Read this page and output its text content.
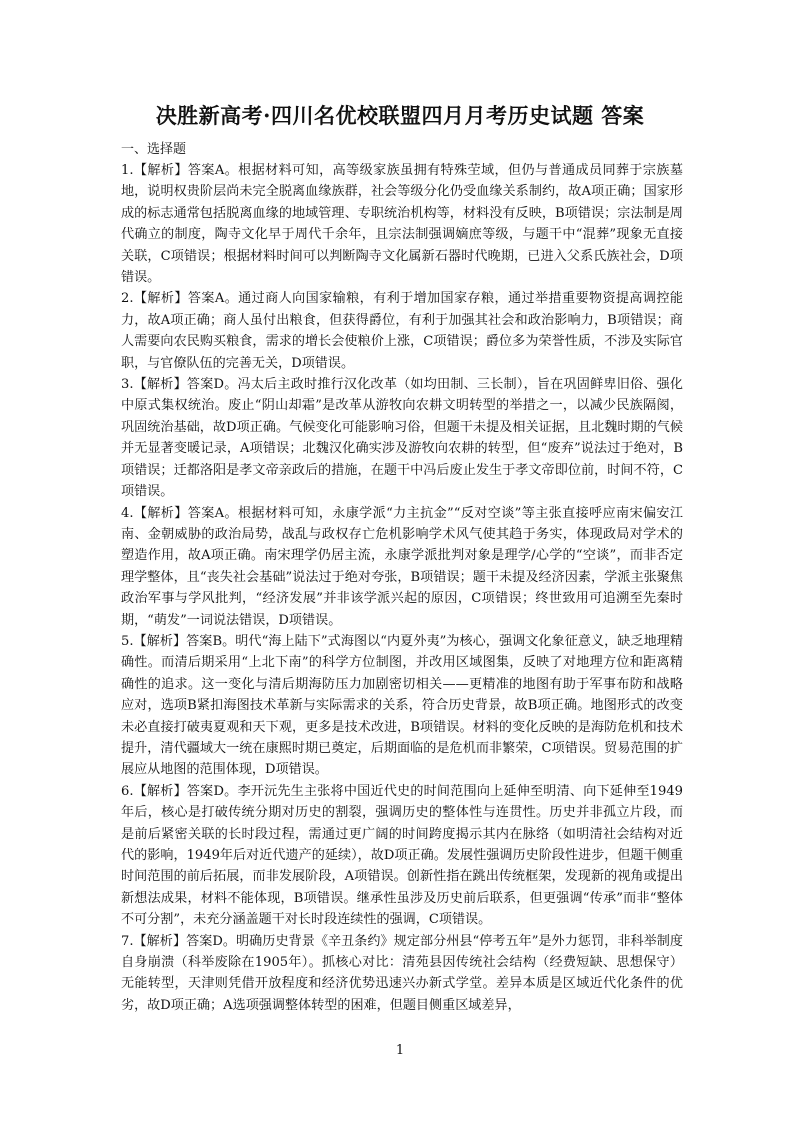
决胜新高考·四川名优校联盟四月月考历史试题 答案
一、选择题

1.【解析】答案A。根据材料可知，高等级家族虽拥有特殊茔域，但仍与普通成员同葬于宗族墓地，说明权贵阶层尚未完全脱离血缘族群，社会等级分化仍受血缘关系制约，故A项正确；国家形成的标志通常包括脱离血缘的地域管理、专职统治机构等，材料没有反映，B项错误；宗法制是周代确立的制度，陶寺文化早于周代千余年，且宗法制强调嫡庶等级，与题干中“混葬”现象无直接关联，C项错误；根据材料时间可以判断陶寺文化属新石器时代晚期，已进入父系氏族社会，D项错误。

2.【解析】答案A。通过商人向国家输粮，有利于增加国家存粮，通过举措重要物资提高调控能力，故A项正确；商人虽付出粮食，但获得爵位，有利于加强其社会和政治影响力，B项错误；商人需要向农民购买粮食，需求的增长会使粮价上涨，C项错误；爵位多为荣誉性质，不涉及实际官职，与官僚队伍的完善无关，D项错误。

3.【解析】答案D。冯太后主政时推行汉化改革（如均田制、三长制），旨在巩固鲜卑旧俗、强化中原式集权统治。废止“阴山却霜”是改革从游牧向农耕文明转型的举措之一，以减少民族隔阂，巩固统治基础，故D项正确。气候变化可能影响习俗，但题干未提及相关证据，且北魏时期的气候并无显著变暖记录，A项错误；北魏汉化确实涉及游牧向农耕的转型，但“废弃”说法过于绝对，B项错误；迁都洛阳是孝文帝亲政后的措施，在题干中冯后废止发生于孝文帝即位前，时间不符，C项错误。

4.【解析】答案A。根据材料可知，永康学派“力主抗金”“反对空谈”等主张直接呼应南宋偏安江南、金朝威胁的政治局势，战乱与政权存亡危机影响学术风气使其趋于务实，体现政局对学术的塑造作用，故A项正确。南宋理学仍居主流，永康学派批判对象是理学/心学的“空谈”，而非否定理学整体，且“丧失社会基础”说法过于绝对夸张，B项错误；题干未提及经济因素，学派主张聚焦政治军事与学风批判，“经济发展”并非该学派兴起的原因，C项错误；终世致用可追溯至先秦时期，“萌发”一词说法错误，D项错误。

5.【解析】答案B。明代“海上陆下”式海图以“内夏外夷”为核心，强调文化象征意义，缺乏地理精确性。而清后期采用“上北下南”的科学方位制图，并改用区域图集，反映了对地理方位和距离精确性的追求。这一变化与清后期海防压力加剧密切相关——更精准的地图有助于军事布防和战略应对，选项B紧扣海图技术革新与实际需求的关系，符合历史背景，故B项正确。地图形式的改变未必直接打破夷夏观和天下观，更多是技术改进，B项错误。材料的变化反映的是海防危机和技术提升，清代疆域大一统在康熙时期已奠定，后期面临的是危机而非繁荣，C项错误。贸易范围的扩展应从地图的范围体现，D项错误。

6.【解析】答案D。李开沅先生主张将中国近代史的时间范围向上延伸至明清、向下延伸至1949年后，核心是打破传统分期对历史的割裂，强调历史的整体性与连贯性。历史并非孤立片段，而是前后紧密关联的长时段过程，需通过更广阔的时间跨度揭示其内在脉络（如明清社会结构对近代的影响，1949年后对近代遗产的延续），故D项正确。发展性强调历史阶段性进步，但题干侧重时间范围的前后拓展，而非发展阶段，A项错误。创新性指在跳出传统框架，发现新的视角或提出新想法成果，材料不能体现，B项错误。继承性虽涉及历史前后联系，但更强调“传承”而非“整体不可分割”，未充分涵盖题干对长时段连续性的强调，C项错误。

7.【解析】答案D。明确历史背景《辛丑条约》规定部分州县“停考五年”是外力惩罚，非科举制度自身崩溃（科举废除在1905年）。抓核心对比：清苑县因传统社会结构（经费短缺、思想保守）无能转型，天津则凭借开放程度和经济优势迅速兴办新式学堂。差异本质是区域近代化条件的优劣，故D项正确；A选项强调整体转型的困难，但题目侧重区域差异，

1
